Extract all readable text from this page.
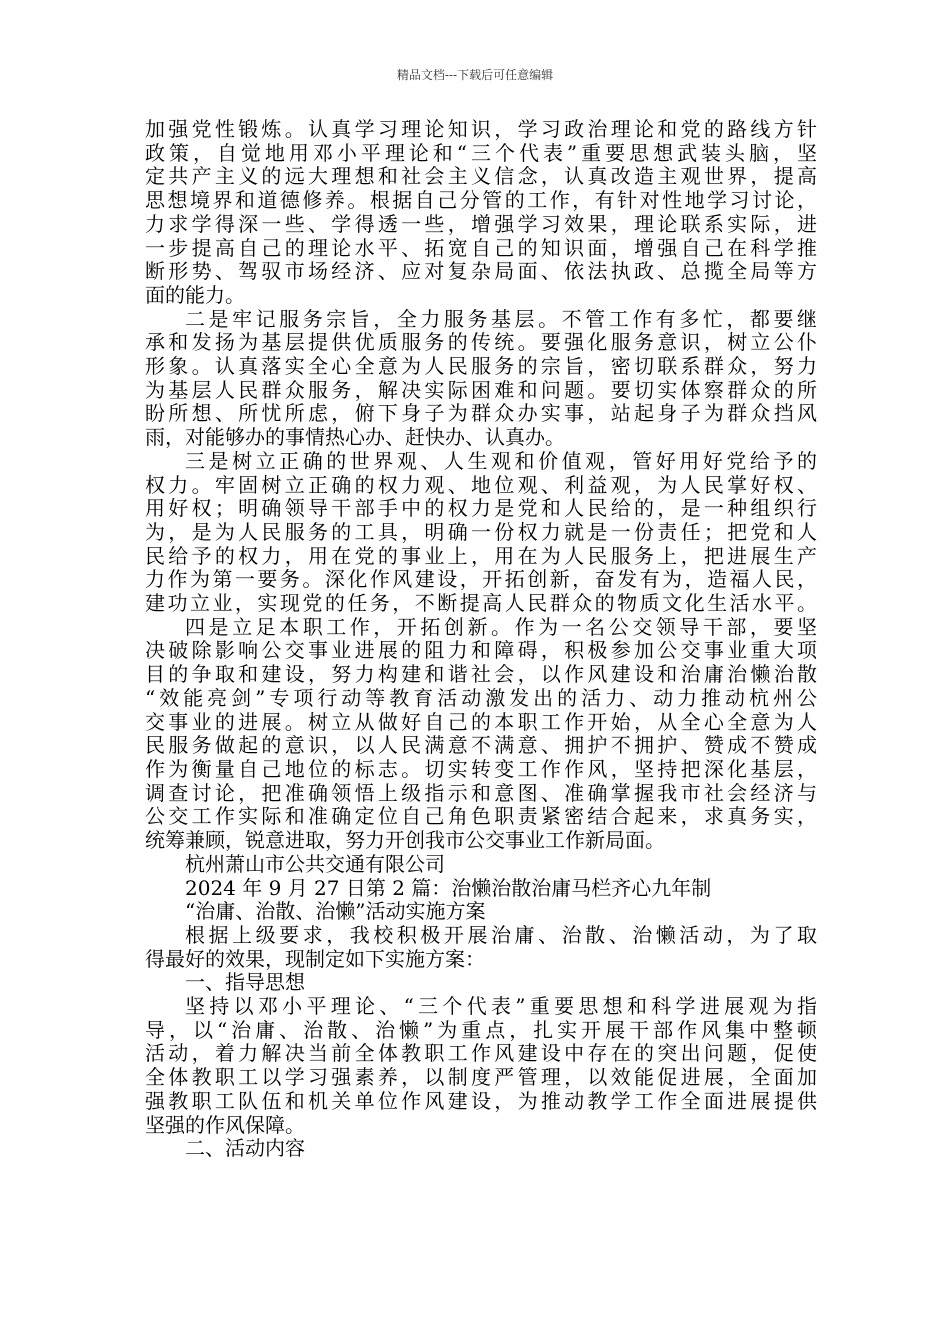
精品文档---下载后可任意编辑
加强党性锻炼。认真学习理论知识，学习政治理论和党的路线方针
政策，自觉地用邓小平理论和“三个代表”重要思想武装头脑，坚
定共产主义的远大理想和社会主义信念，认真改造主观世界，提高
思想境界和道德修养。根据自己分管的工作，有针对性地学习讨论，
力求学得深一些、学得透一些，增强学习效果，理论联系实际，进
一步提高自己的理论水平、拓宽自己的知识面，增强自己在科学推
断形势、驾驭市场经济、应对复杂局面、依法执政、总揽全局等方
面的能力。
二是牢记服务宗旨，全力服务基层。不管工作有多忙，都要继
承和发扬为基层提供优质服务的传统。要强化服务意识，树立公仆
形象。认真落实全心全意为人民服务的宗旨，密切联系群众，努力
为基层人民群众服务，解决实际困难和问题。要切实体察群众的所
盼所想、所忧所虑，俯下身子为群众办实事，站起身子为群众挡风
雨，对能够办的事情热心办、赶快办、认真办。
三是树立正确的世界观、人生观和价值观，管好用好党给予的
权力。牢固树立正确的权力观、地位观、利益观，为人民掌好权、
用好权；明确领导干部手中的权力是党和人民给的，是一种组织行
为，是为人民服务的工具，明确一份权力就是一份责任；把党和人
民给予的权力，用在党的事业上，用在为人民服务上，把进展生产
力作为第一要务。深化作风建设，开拓创新，奋发有为，造福人民，
建功立业，实现党的任务，不断提高人民群众的物质文化生活水平。
四是立足本职工作，开拓创新。作为一名公交领导干部，要坚
决破除影响公交事业进展的阻力和障碍，积极参加公交事业重大项
目的争取和建设，努力构建和谐社会，以作风建设和治庸治懒治散
“效能亮剑”专项行动等教育活动激发出的活力、动力推动杭州公
交事业的进展。树立从做好自己的本职工作开始，从全心全意为人
民服务做起的意识，以人民满意不满意、拥护不拥护、赞成不赞成
作为衡量自己地位的标志。切实转变工作作风，坚持把深化基层，
调查讨论，把准确领悟上级指示和意图、准确掌握我市社会经济与
公交工作实际和准确定位自己角色职责紧密结合起来，求真务实，
统筹兼顾，锐意进取，努力开创我市公交事业工作新局面。
杭州萧山市公共交通有限公司
2024 年 9 月 27 日第 2 篇：治懒治散治庸马栏齐心九年制
“治庸、治散、治懒”活动实施方案
根据上级要求，我校积极开展治庸、治散、治懒活动，为了取
得最好的效果，现制定如下实施方案：
一、指导思想
坚持以邓小平理论、“三个代表”重要思想和科学进展观为指
导，以“治庸、治散、治懒”为重点，扎实开展干部作风集中整顿
活动，着力解决当前全体教职工作风建设中存在的突出问题，促使
全体教职工以学习强素养，以制度严管理，以效能促进展，全面加
强教职工队伍和机关单位作风建设，为推动教学工作全面进展提供
坚强的作风保障。
二、活动内容
